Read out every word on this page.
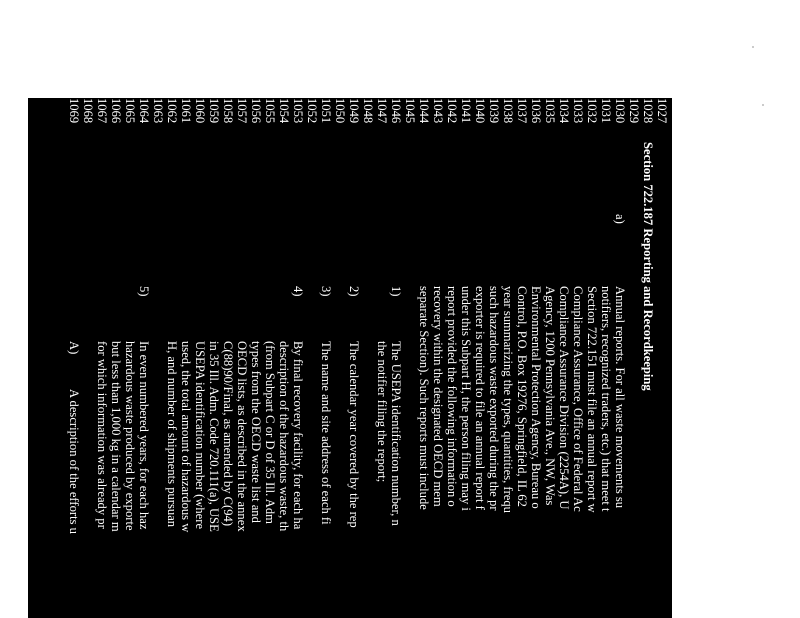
1027
1028
1029
1030
1031
1032
1033
1034
1035
1036
1037
1038
1039
1040
1041
1042
1043
1044
1045
1046
1047
1048
1049
1050
1051
1052
1053
1054
1055
1056
1057
1058
1059
1060
1061
1062
1063
1064
1065
1066
1067
1068
1069
Section 722.187 Reporting and Recordkeeping
a)
Annual reports. For all waste movements su
notifiers, recognized traders, etc.) that meet t
Section 722.151 must file an annual report w
Compliance Assurance, Office of Federal Ac
Compliance Assurance Division (2254A), U
Agency, 1200 Pennsylvania Ave., NW, Was
Environmental Protection Agency, Bureau o
Control, P.O. Box 19276, Springfield, IL 62
year summarizing the types, quantities, frequ
such hazardous waste exported during the pr
exporter is required to file an annual report f
under this Subpart H, the person filing may i
report provided the following information o
recovery within the designated OECD mem
separate Section). Such reports must include
1)
The USEPA identification number, n
the notifier filing the report;
2)
The calendar year covered by the rep
3)
The name and site address of each fi
4)
By final recovery facility, for each ha
description of the hazardous waste, th
(from Subpart C or D of 35 Ill. Adm
types from the OECD waste list and
OECD lists, as described in the annex
C(88)90/Final, as amended by C(94)
in 35 Ill. Adm. Code 720.111(a), USE
USEPA identification number (where
used, the total amount of hazardous w
H, and number of shipments pursuan
5)
In even numbered years, for each haz
hazardous waste produced by exporte
but less than 1,000 kg in a calendar m
for which information was already pr
A)
A description of the efforts u
